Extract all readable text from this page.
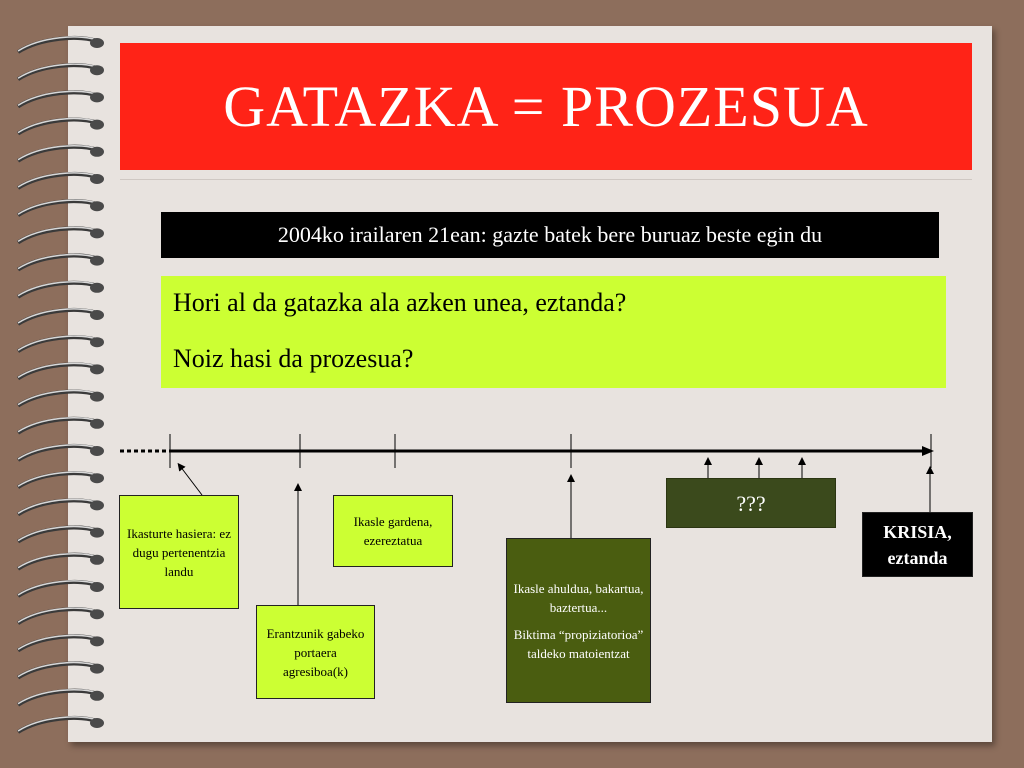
GATAZKA = PROZESUA
2004ko irailaren 21ean: gazte batek bere buruaz beste egin du
Hori al da gatazka ala azken unea, eztanda?
Noiz hasi da prozesua?

Ikasturte hasiera: ez dugu pertenentzia landu

Erantzunik gabeko portaera agresiboa(k)

Ikasle gardena, ezereztatua

Ikasle ahuldua, bakartua, baztertua...

Biktima “propiziatorioa” taldeko matoientzat

???

KRISIA, eztanda
